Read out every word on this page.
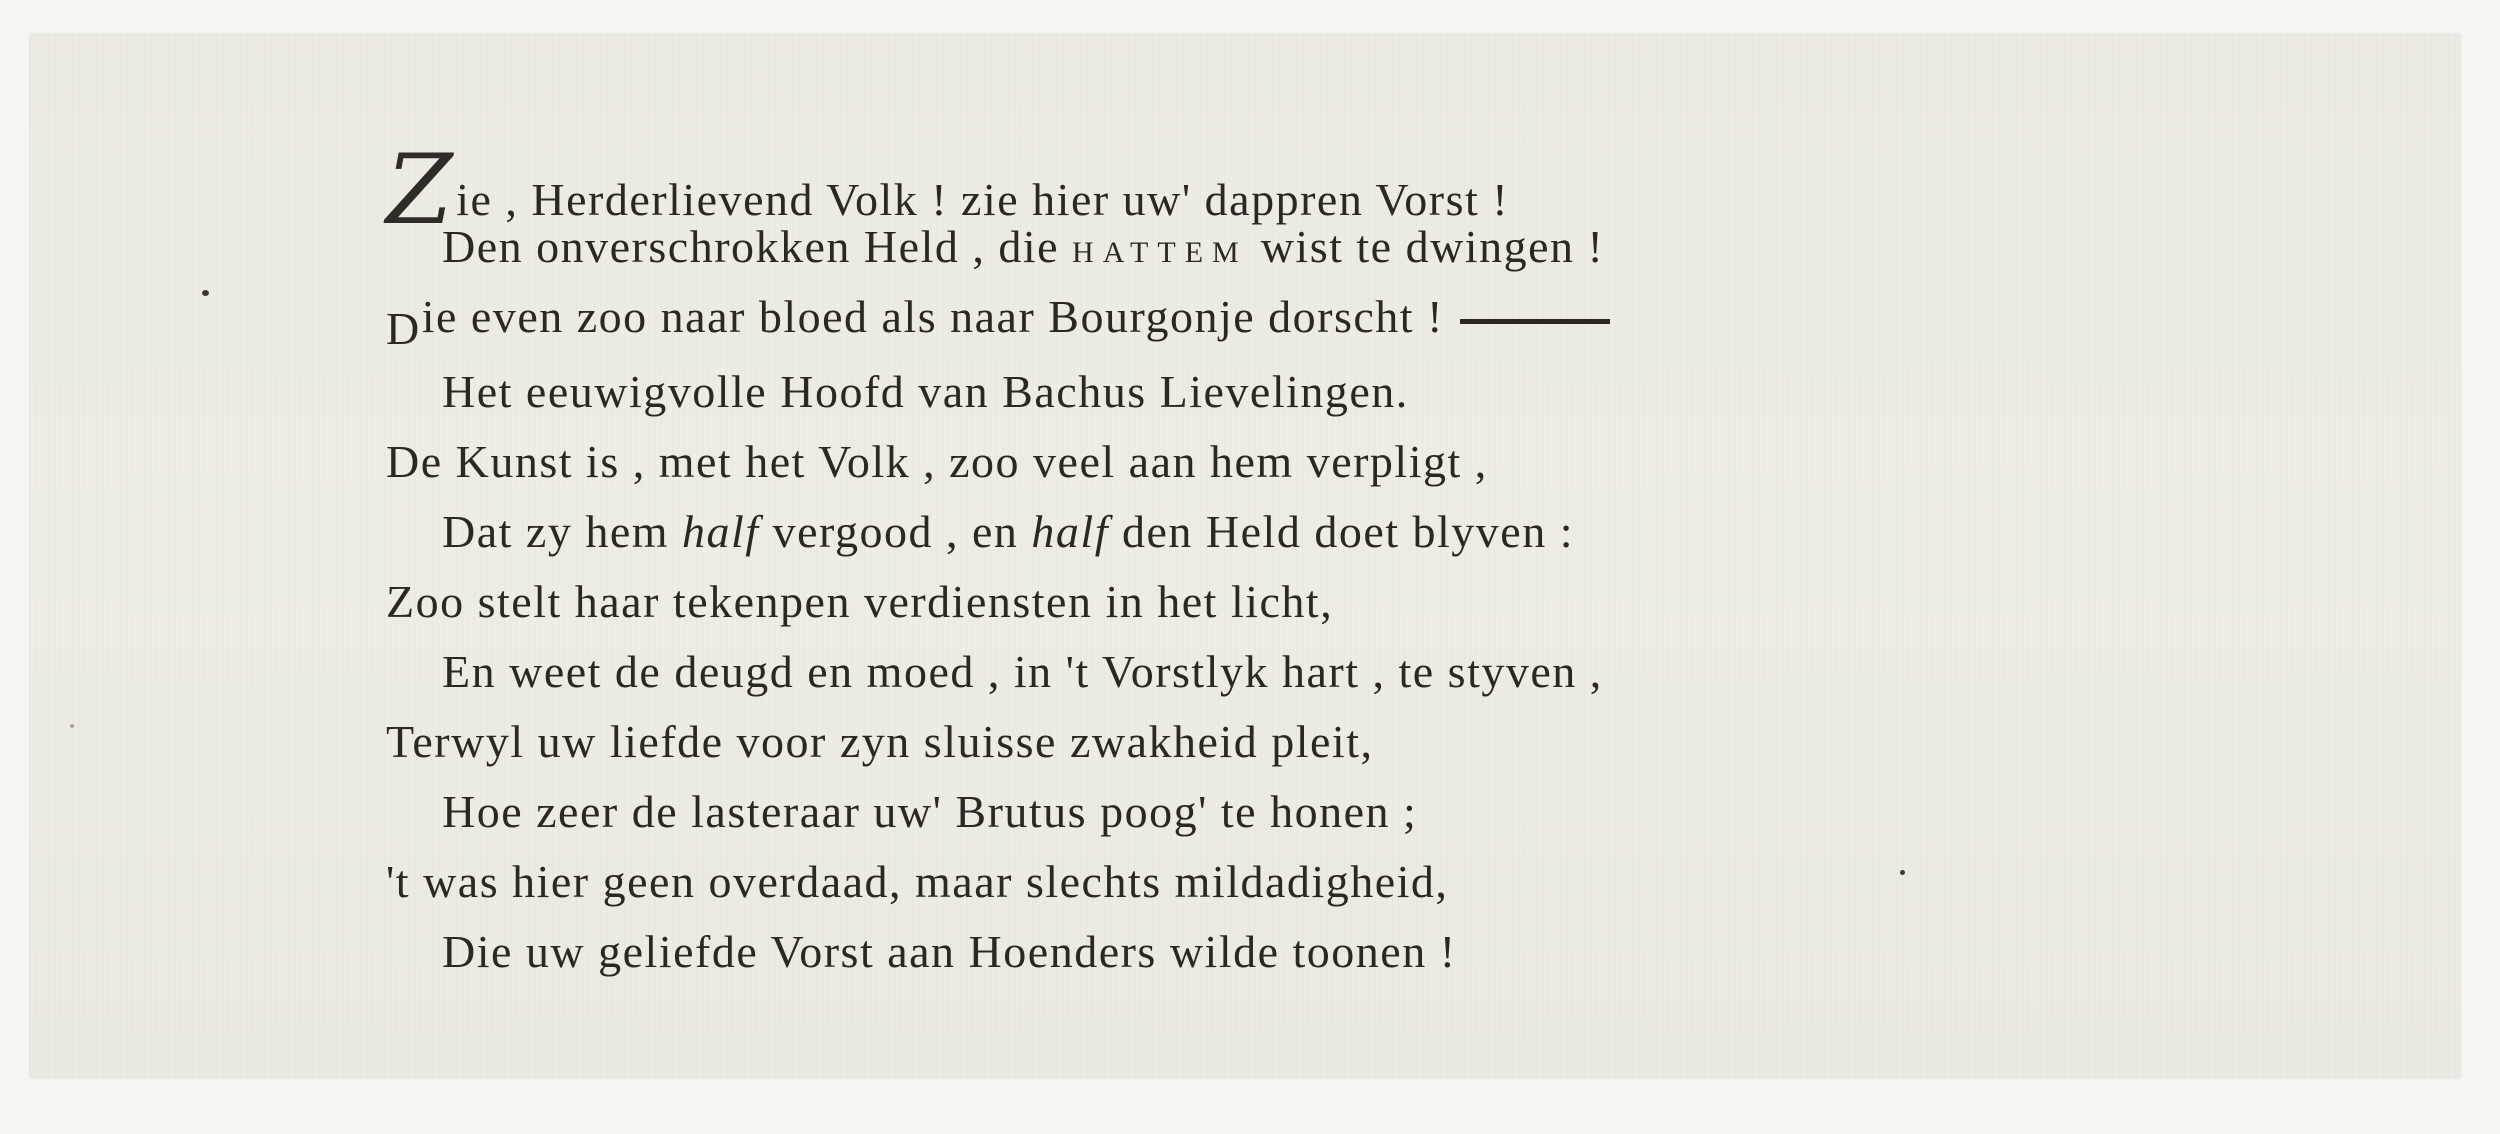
Zie , Herderlievend Volk ! zie hier uw' dappren Vorst !
Den onverschrokken Held , die HATTEM wist te dwingen !
Die even zoo naar bloed als naar Bourgonje dorscht !
Het eeuwigvolle Hoofd van Bachus Lievelingen.
De Kunst is , met het Volk , zoo veel aan hem verpligt ,
Dat zy hem half vergood , en half den Held doet blyven :
Zoo stelt haar tekenpen verdiensten in het licht,
En weet de deugd en moed , in 't Vorstlyk hart , te styven ,
Terwyl uw liefde voor zyn sluisse zwakheid pleit,
Hoe zeer de lasteraar uw' Brutus poog' te honen ;
't was hier geen overdaad, maar slechts mildadigheid,
Die uw geliefde Vorst aan Hoenders wilde toonen !
